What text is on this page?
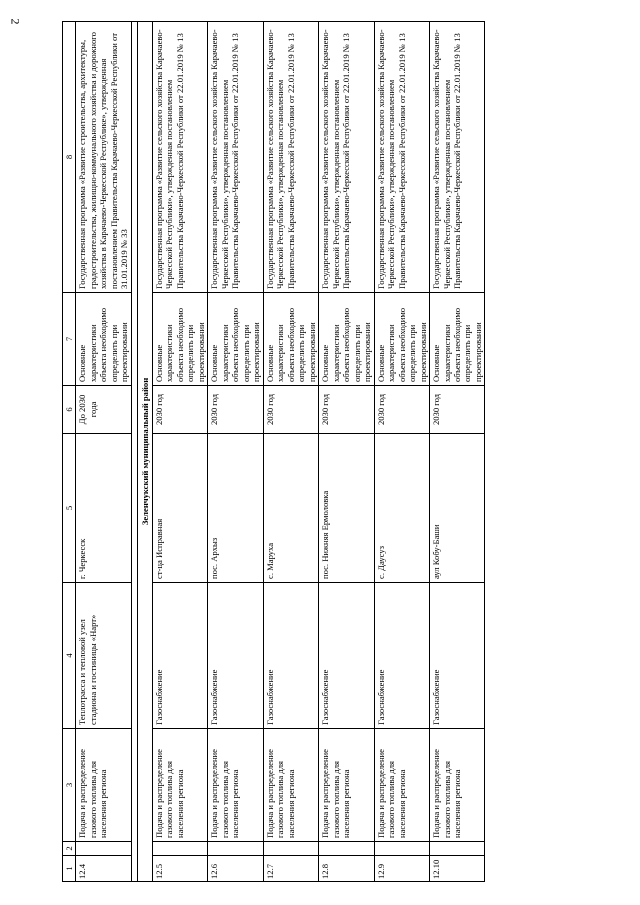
2
1	2	3	4	5	6	7	8
12.4		Подача и распределение газового топлива для населения региона	Теплотрасса и тепловой узел стадиона и гостиницы «Нарт»	г. Черкесск	До 2030 года	Основные характеристики объекта необходимо определить при проектировании	Государственная программа «Развитие строительства, архитектуры, градостроительства, жилищно-коммунального хозяйства и дорожного хозяйства в Карачаево-Черкесской Республике», утвержденная постановлением Правительства Карачаево-Черкесской Республики от 31.01.2019 № 33

Зеленчукский муниципальный район							
12.5		Подача и распределение газового топлива для населения региона	Газоснабжение	ст-ца Исправная	2030 год	Основные характеристики объекта необходимо определить при проектировании	Государственная программа «Развитие сельского хозяйства Карачаево-Черкесской Республики», утвержденная постановлением Правительства Карачаево-Черкесской Республики от 22.01.2019 № 13
12.6		Подача и распределение газового топлива для населения региона	Газоснабжение	пос. Архыз	2030 год	Основные характеристики объекта необходимо определить при проектировании	Государственная программа «Развитие сельского хозяйства Карачаево-Черкесской Республики», утвержденная постановлением Правительства Карачаево-Черкесской Республики от 22.01.2019 № 13
12.7		Подача и распределение газового топлива для населения региона	Газоснабжение	с. Маруха	2030 год	Основные характеристики объекта необходимо определить при проектировании	Государственная программа «Развитие сельского хозяйства Карачаево-Черкесской Республики», утвержденная постановлением Правительства Карачаево-Черкесской Республики от 22.01.2019 № 13
12.8		Подача и распределение газового топлива для населения региона	Газоснабжение	пос. Нижняя Ермоловка	2030 год	Основные характеристики объекта необходимо определить при проектировании	Государственная программа «Развитие сельского хозяйства Карачаево-Черкесской Республики», утвержденная постановлением Правительства Карачаево-Черкесской Республики от 22.01.2019 № 13
12.9		Подача и распределение газового топлива для населения региона	Газоснабжение	с. Даусуз	2030 год	Основные характеристики объекта необходимо определить при проектировании	Государственная программа «Развитие сельского хозяйства Карачаево-Черкесской Республики», утвержденная постановлением Правительства Карачаево-Черкесской Республики от 22.01.2019 № 13
12.10		Подача и распределение газового топлива для населения региона	Газоснабжение	аул Кобу-Баши	2030 год	Основные характеристики объекта необходимо определить при проектировании	Государственная программа «Развитие сельского хозяйства Карачаево-Черкесской Республики», утвержденная постановлением Правительства Карачаево-Черкесской Республики от 22.01.2019 № 13
